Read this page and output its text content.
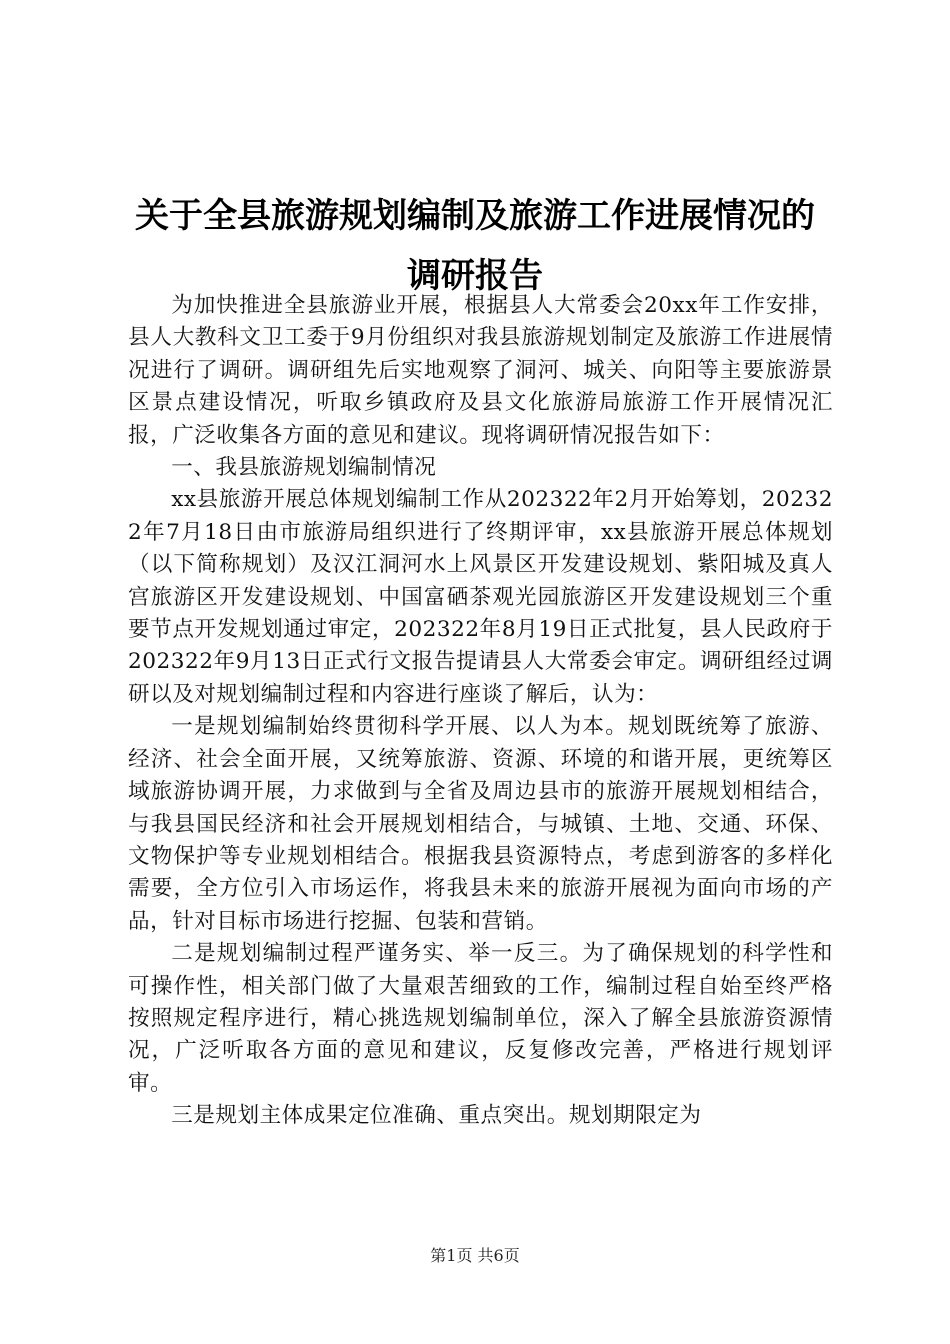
关于全县旅游规划编制及旅游工作进展情况的
调研报告

为加快推进全县旅游业开展，根据县人大常委会20xx年工作安排，县人大教科文卫工委于9月份组织对我县旅游规划制定及旅游工作进展情况进行了调研。调研组先后实地观察了洞河、城关、向阳等主要旅游景区景点建设情况，听取乡镇政府及县文化旅游局旅游工作开展情况汇报，广泛收集各方面的意见和建议。现将调研情况报告如下：

一、我县旅游规划编制情况

xx县旅游开展总体规划编制工作从202322年2月开始筹划，202322年7月18日由市旅游局组织进行了终期评审，xx县旅游开展总体规划（以下简称规划）及汉江洞河水上风景区开发建设规划、紫阳城及真人宫旅游区开发建设规划、中国富硒茶观光园旅游区开发建设规划三个重要节点开发规划通过审定，202322年8月19日正式批复，县人民政府于202322年9月13日正式行文报告提请县人大常委会审定。调研组经过调研以及对规划编制过程和内容进行座谈了解后，认为：

一是规划编制始终贯彻科学开展、以人为本。规划既统筹了旅游、经济、社会全面开展，又统筹旅游、资源、环境的和谐开展，更统筹区域旅游协调开展，力求做到与全省及周边县市的旅游开展规划相结合，与我县国民经济和社会开展规划相结合，与城镇、土地、交通、环保、文物保护等专业规划相结合。根据我县资源特点，考虑到游客的多样化需要，全方位引入市场运作，将我县未来的旅游开展视为面向市场的产品，针对目标市场进行挖掘、包装和营销。

二是规划编制过程严谨务实、举一反三。为了确保规划的科学性和可操作性，相关部门做了大量艰苦细致的工作，编制过程自始至终严格按照规定程序进行，精心挑选规划编制单位，深入了解全县旅游资源情况，广泛听取各方面的意见和建议，反复修改完善，严格进行规划评审。

三是规划主体成果定位准确、重点突出。规划期限定为

第1页 共6页
